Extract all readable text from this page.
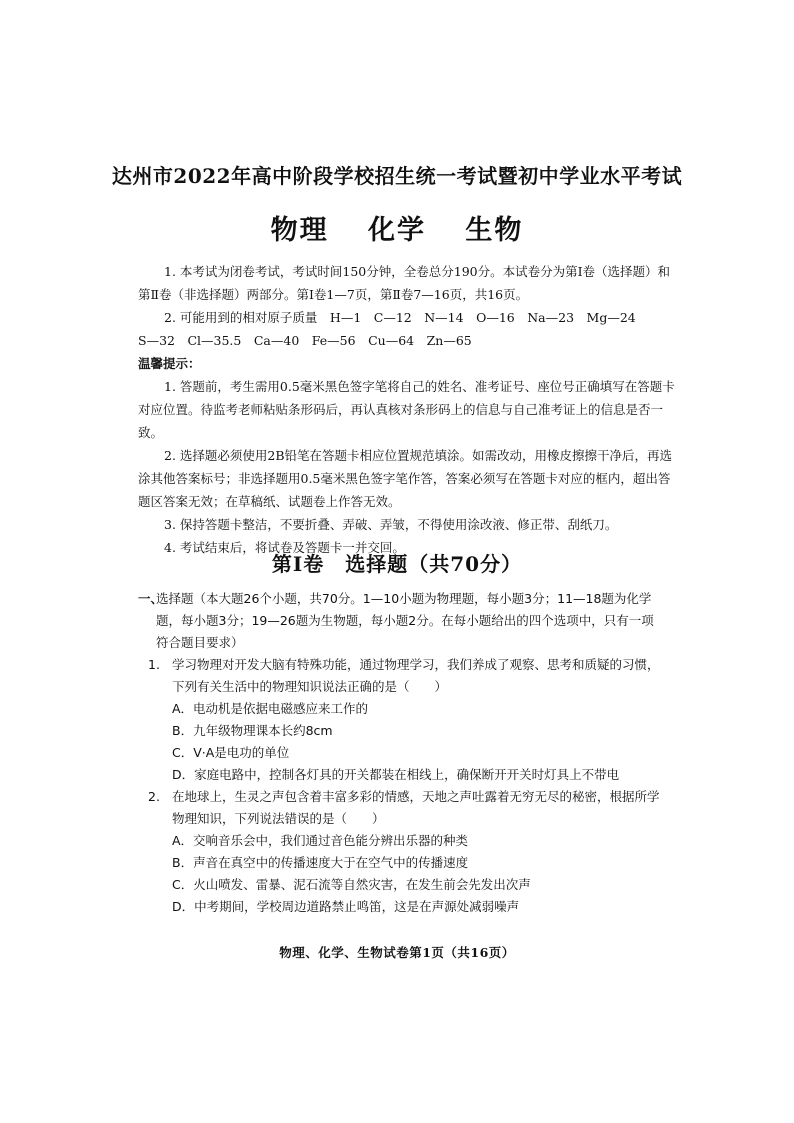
达州市2022年高中阶段学校招生统一考试暨初中学业水平考试
物理 化学 生物

1. 本考试为闭卷考试，考试时间150分钟，全卷总分190分。本试卷分为第Ⅰ卷（选择题）和第Ⅱ卷（非选择题）两部分。第Ⅰ卷1—7页，第Ⅱ卷7—16页，共16页。

2. 可能用到的相对原子质量　 H—1　C—12　N—14　O—16　Na—23　Mg—24

S—32　Cl—35.5　Ca—40　Fe—56　Cu—64　Zn—65

温馨提示：

1. 答题前，考生需用0.5毫米黑色签字笔将自己的姓名、准考证号、座位号正确填写在答题卡对应位置。待监考老师粘贴条形码后，再认真核对条形码上的信息与自己准考证上的信息是否一致。

2. 选择题必须使用2B铅笔在答题卡相应位置规范填涂。如需改动，用橡皮擦擦干净后，再选涂其他答案标号；非选择题用0.5毫米黑色签字笔作答，答案必须写在答题卡对应的框内，超出答题区答案无效；在草稿纸、试题卷上作答无效。

3. 保持答题卡整洁，不要折叠、弄破、弄皱，不得使用涂改液、修正带、刮纸刀。

4. 考试结束后，将试卷及答题卡一并交回。

第Ⅰ卷　选择题（共70分）

一、
选择题（本大题26个小题，共70分。1—10小题为物理题，每小题3分；11—18题为化学题，每小题3分；19—26题为生物题，每小题2分。在每小题给出的四个选项中，只有一项符合题目要求）

1. 学习物理对开发大脑有特殊功能，通过物理学习，我们养成了观察、思考和质疑的习惯，下列有关生活中的物理知识说法正确的是（　　）

A．电动机是依据电磁感应来工作的

B．九年级物理课本长约8cm

C．V·A是电功的单位

D．家庭电路中，控制各灯具的开关都装在相线上，确保断开开关时灯具上不带电

2. 在地球上，生灵之声包含着丰富多彩的情感，天地之声吐露着无穷无尽的秘密，根据所学物理知识，下列说法错误的是（　　）

A．交响音乐会中，我们通过音色能分辨出乐器的种类

B．声音在真空中的传播速度大于在空气中的传播速度

C．火山喷发、雷暴、泥石流等自然灾害，在发生前会先发出次声

D．中考期间，学校周边道路禁止鸣笛，这是在声源处减弱噪声

物理、化学、生物试卷第1页（共16页）
